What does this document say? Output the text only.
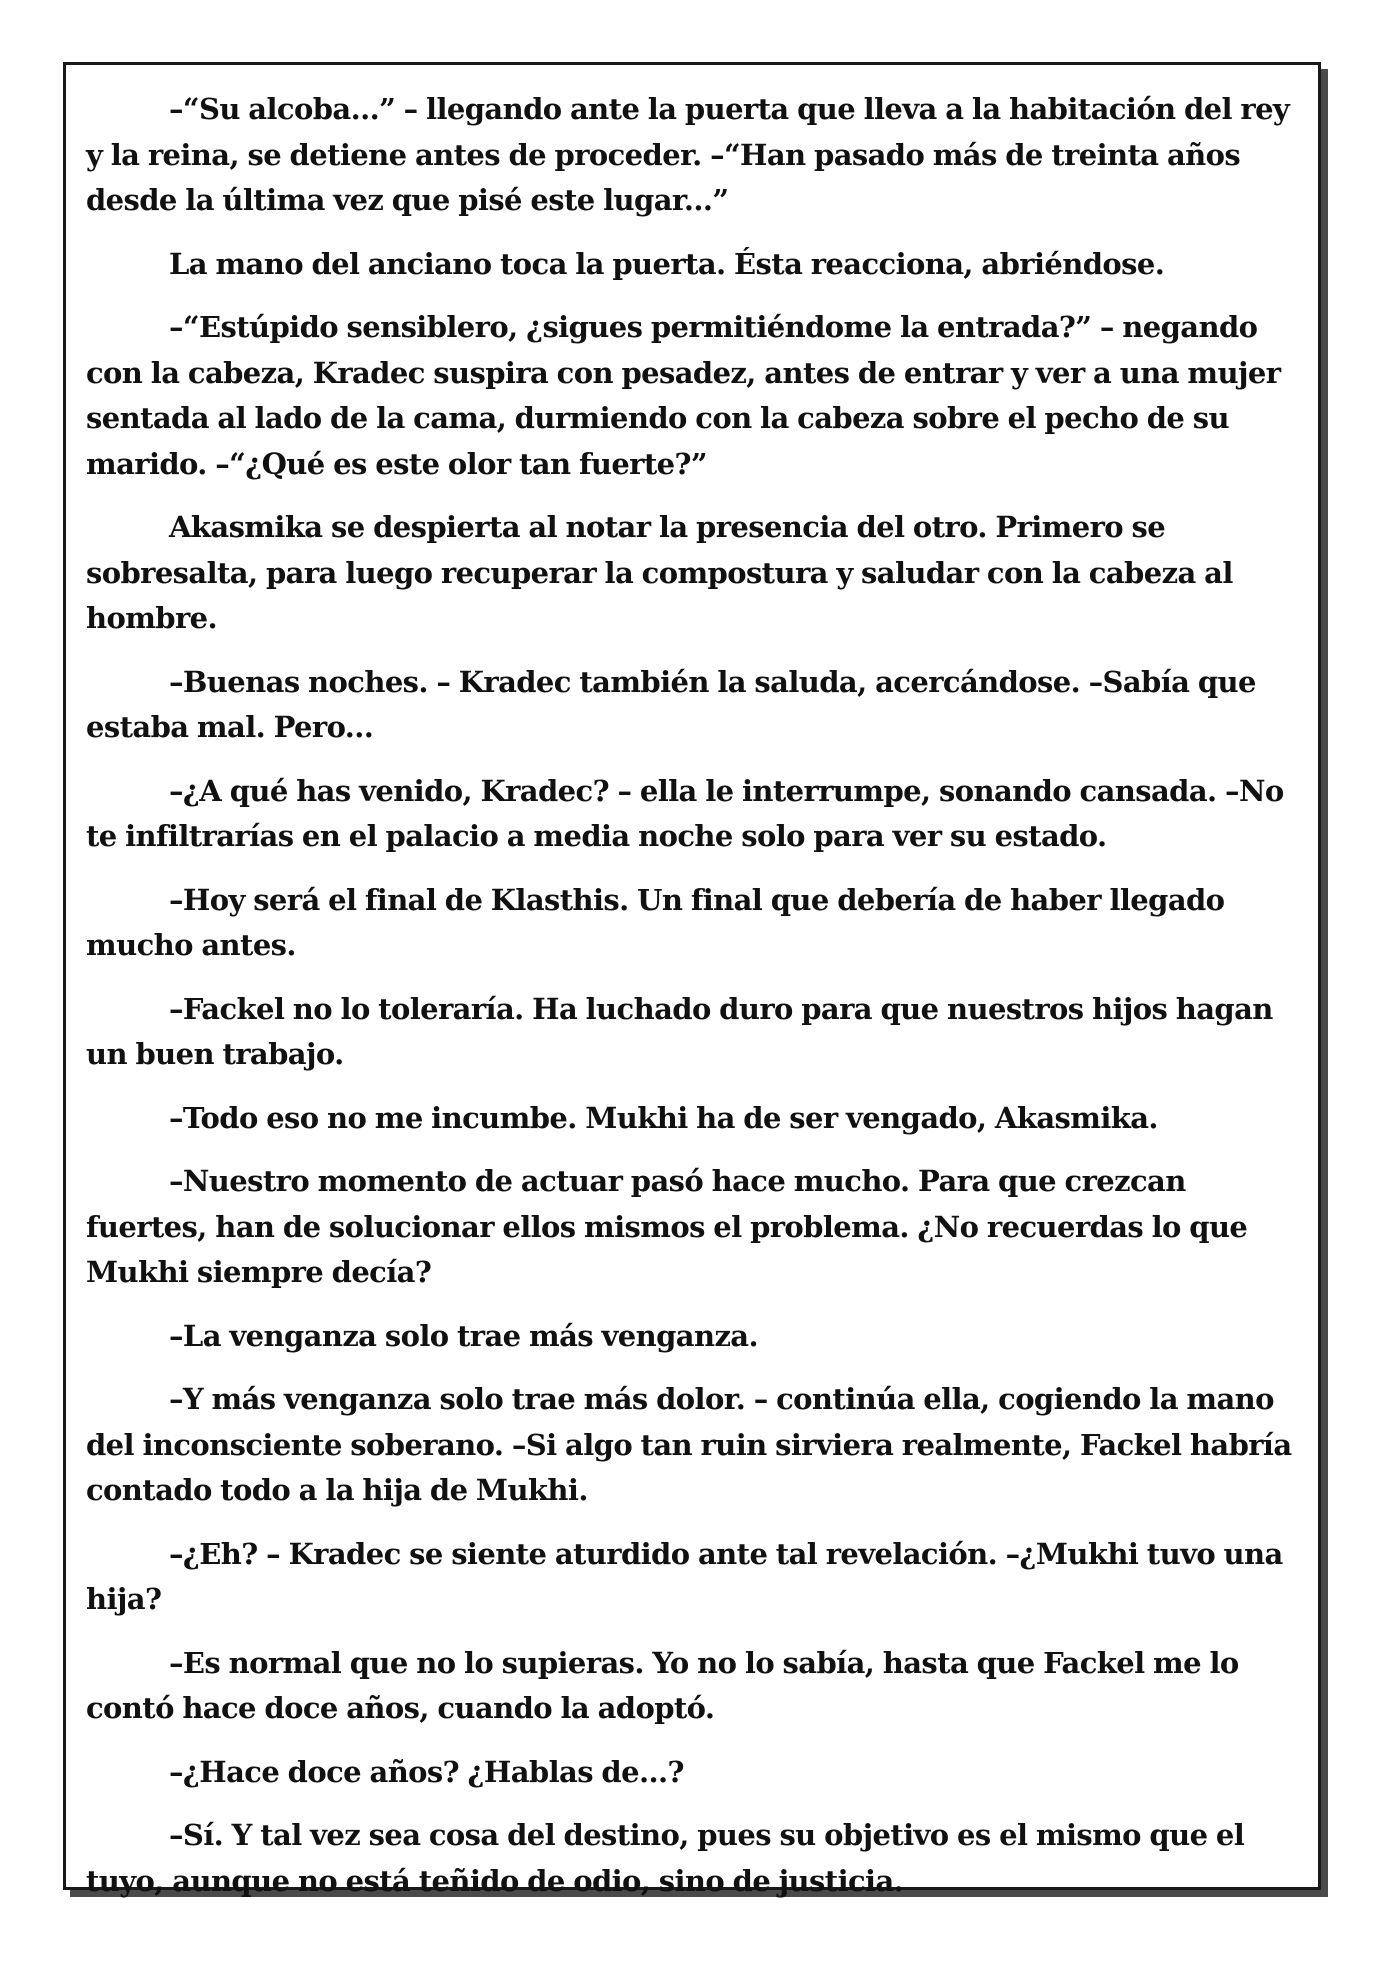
–“Su alcoba...” – llegando ante la puerta que lleva a la habitación del rey y la reina, se detiene antes de proceder. –“Han pasado más de treinta años desde la última vez que pisé este lugar...”

La mano del anciano toca la puerta. Ésta reacciona, abriéndose.

–“Estúpido sensiblero, ¿sigues permitiéndome la entrada?” – negando con la cabeza, Kradec suspira con pesadez, antes de entrar y ver a una mujer sentada al lado de la cama, durmiendo con la cabeza sobre el pecho de su marido. –“¿Qué es este olor tan fuerte?”

Akasmika se despierta al notar la presencia del otro. Primero se sobresalta, para luego recuperar la compostura y saludar con la cabeza al hombre.

–Buenas noches. – Kradec también la saluda, acercándose. –Sabía que estaba mal. Pero...

–¿A qué has venido, Kradec? – ella le interrumpe, sonando cansada. –No te infiltrarías en el palacio a media noche solo para ver su estado.

–Hoy será el final de Klasthis. Un final que debería de haber llegado mucho antes.

–Fackel no lo toleraría. Ha luchado duro para que nuestros hijos hagan un buen trabajo.

–Todo eso no me incumbe. Mukhi ha de ser vengado, Akasmika.

–Nuestro momento de actuar pasó hace mucho. Para que crezcan fuertes, han de solucionar ellos mismos el problema. ¿No recuerdas lo que Mukhi siempre decía?

–La venganza solo trae más venganza.

–Y más venganza solo trae más dolor. – continúa ella, cogiendo la mano del inconsciente soberano. –Si algo tan ruin sirviera realmente, Fackel habría contado todo a la hija de Mukhi.

–¿Eh? – Kradec se siente aturdido ante tal revelación. –¿Mukhi tuvo una hija?

–Es normal que no lo supieras. Yo no lo sabía, hasta que Fackel me lo contó hace doce años, cuando la adoptó.

–¿Hace doce años? ¿Hablas de...?

–Sí. Y tal vez sea cosa del destino, pues su objetivo es el mismo que el tuyo, aunque no está teñido de odio, sino de justicia.
